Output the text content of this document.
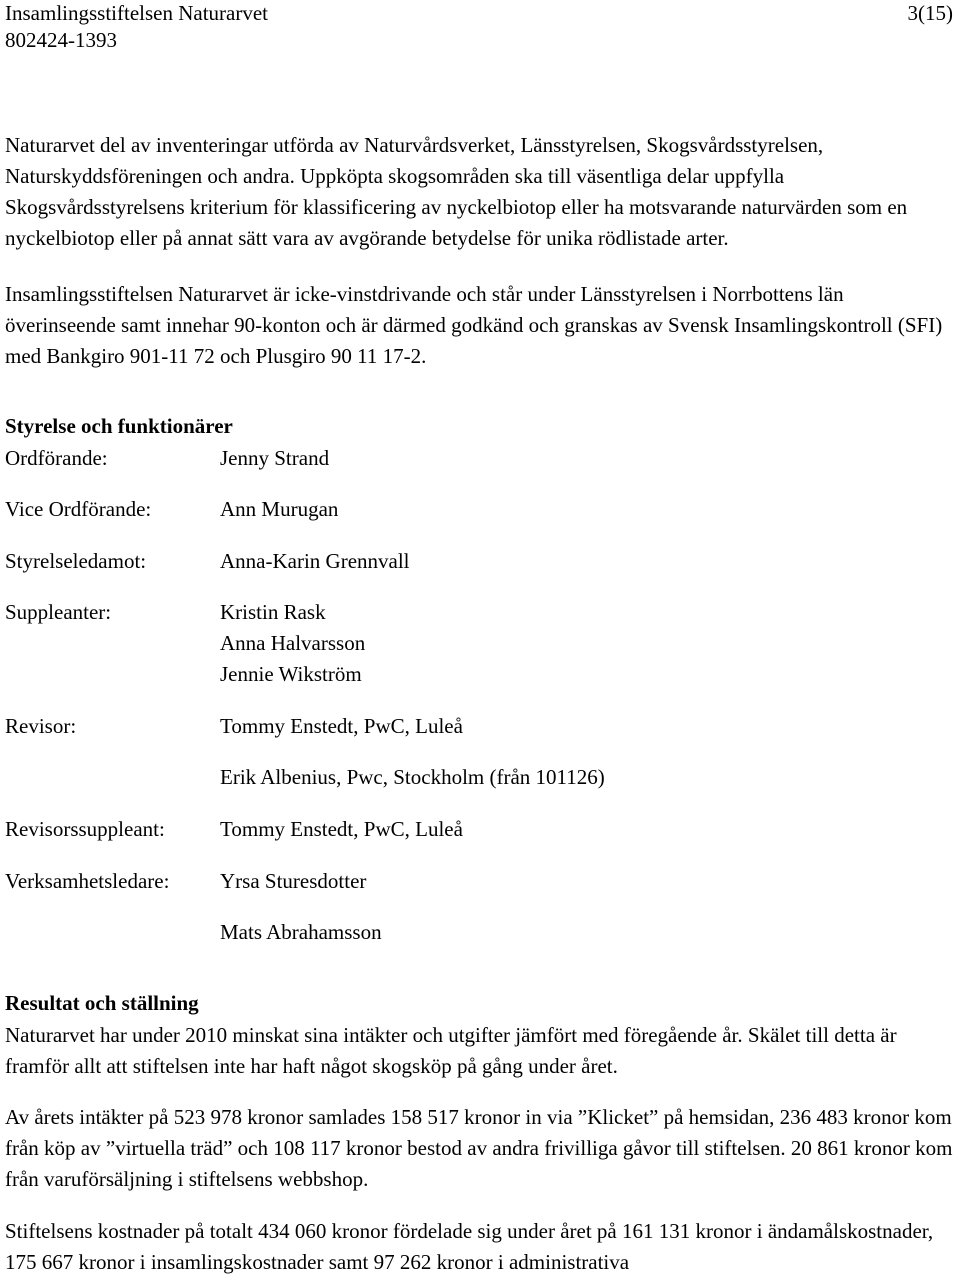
Insamlingsstiftelsen Naturarvet	3(15)
802424-1393

Naturarvet del av inventeringar utförda av Naturvårdsverket, Länsstyrelsen, Skogsvårdsstyrelsen, Naturskyddsföreningen och andra. Uppköpta skogsområden ska till väsentliga delar uppfylla Skogsvårdsstyrelsens kriterium för klassificering av nyckelbiotop eller ha motsvarande naturvärden som en nyckelbiotop eller på annat sätt vara av avgörande betydelse för unika rödlistade arter.

Insamlingsstiftelsen Naturarvet är icke-vinstdrivande och står under Länsstyrelsen i Norrbottens län överinseende samt innehar 90-konton och är därmed godkänd och granskas av Svensk Insamlingskontroll (SFI) med Bankgiro 901-11 72 och Plusgiro 90 11 17-2.

Styrelse och funktionärer
Ordförande:	Jenny Strand
Vice Ordförande:	Ann Murugan
Styrelseledamot:	Anna-Karin Grennvall
Suppleanter:	Kristin Rask
Anna Halvarsson
Jennie Wikström
Revisor:	Tommy Enstedt, PwC, Luleå
Erik Albenius, Pwc, Stockholm (från 101126)
Revisorssuppleant:	Tommy Enstedt, PwC, Luleå
Verksamhetsledare: Yrsa Sturesdotter
Mats Abrahamsson
Resultat och ställning

Naturarvet har under 2010 minskat sina intäkter och utgifter jämfört med föregående år. Skälet till detta är framför allt att stiftelsen inte har haft något skogsköp på gång under året.

Av årets intäkter på 523 978 kronor samlades 158 517 kronor in via ”Klicket” på hemsidan, 236 483 kronor kom från köp av ”virtuella träd” och 108 117 kronor bestod av andra frivilliga gåvor till stiftelsen. 20 861 kronor kom från varuförsäljning i stiftelsens webbshop.

Stiftelsens kostnader på totalt 434 060 kronor fördelade sig under året på 161 131 kronor i ändamålskostnader, 175 667 kronor i insamlingskostnader samt 97 262 kronor i administrativa
